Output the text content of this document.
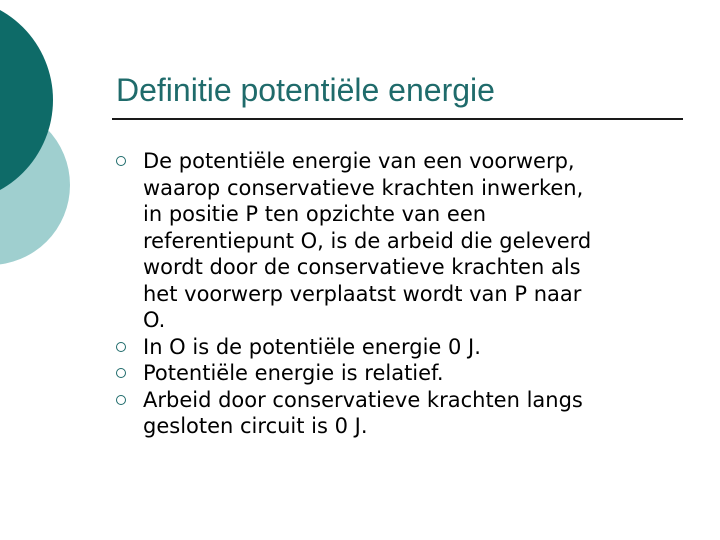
Definitie potentiële energie
De potentiële energie van een voorwerp,
waarop conservatieve krachten inwerken,
in positie P ten opzichte van een
referentiepunt O, is de arbeid die geleverd
wordt door de conservatieve krachten als
het voorwerp verplaatst wordt van P naar
O.
In O is de potentiële energie 0 J.
Potentiële energie is relatief.
Arbeid door conservatieve krachten langs
gesloten circuit is 0 J.
